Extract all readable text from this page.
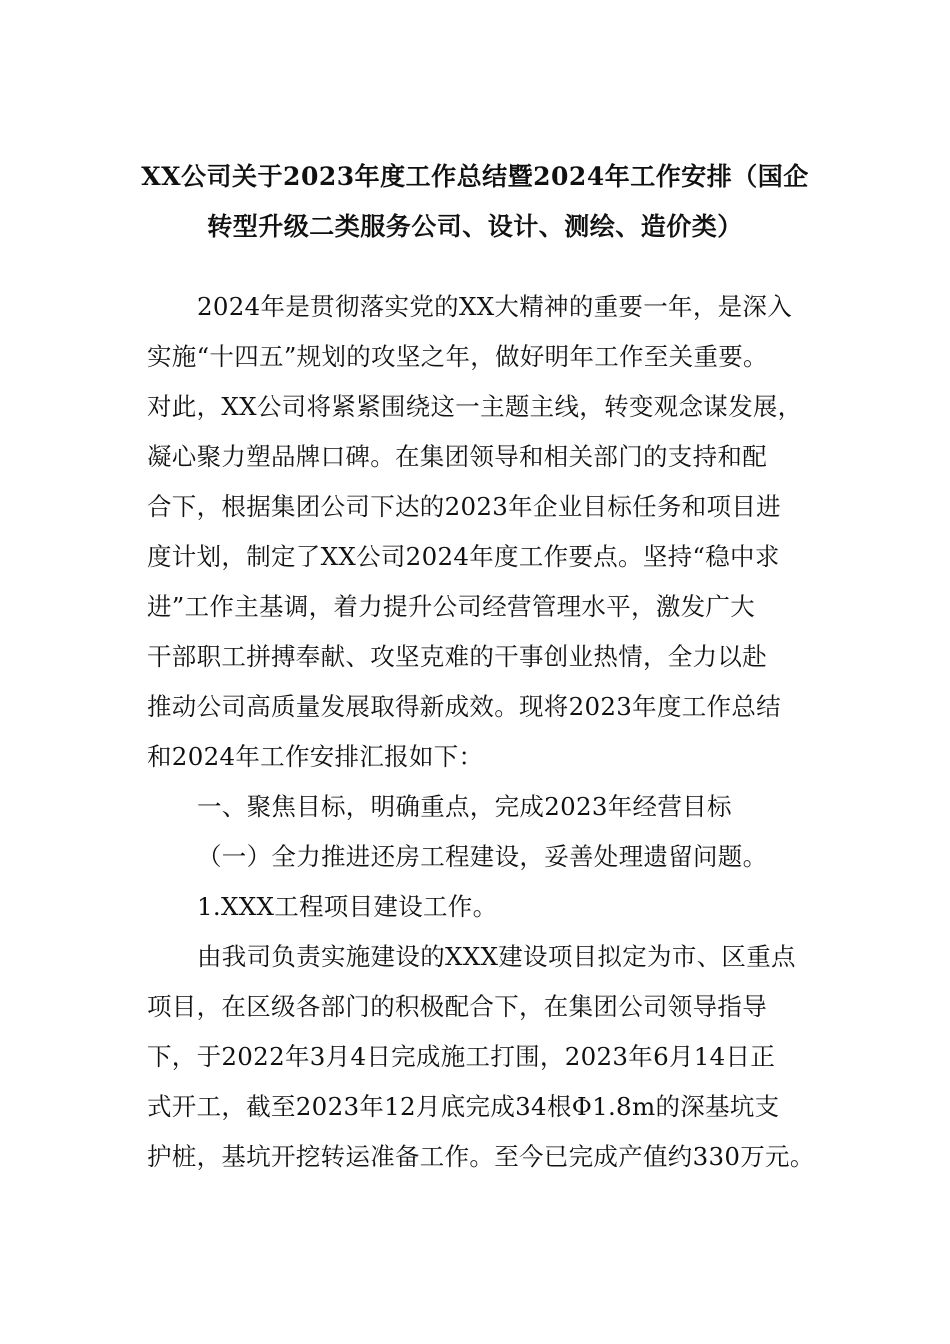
XX公司关于2023年度工作总结暨2024年工作安排（国企
转型升级二类服务公司、设计、测绘、造价类）
2024年是贯彻落实党的XX大精神的重要一年，是深入
实施“十四五”规划的攻坚之年，做好明年工作至关重要。
对此，XX公司将紧紧围绕这一主题主线，转变观念谋发展，
凝心聚力塑品牌口碑。在集团领导和相关部门的支持和配
合下，根据集团公司下达的2023年企业目标任务和项目进
度计划，制定了XX公司2024年度工作要点。坚持“稳中求
进”工作主基调，着力提升公司经营管理水平，激发广大
干部职工拼搏奉献、攻坚克难的干事创业热情，全力以赴
推动公司高质量发展取得新成效。现将2023年度工作总结
和2024年工作安排汇报如下：
一、聚焦目标，明确重点，完成2023年经营目标
（一）全力推进还房工程建设，妥善处理遗留问题。
1.XXX工程项目建设工作。
由我司负责实施建设的XXX建设项目拟定为市、区重点
项目，在区级各部门的积极配合下，在集团公司领导指导
下，于2022年3月4日完成施工打围，2023年6月14日正
式开工，截至2023年12月底完成34根Φ1.8m的深基坑支
护桩，基坑开挖转运准备工作。至今已完成产值约330万元。
